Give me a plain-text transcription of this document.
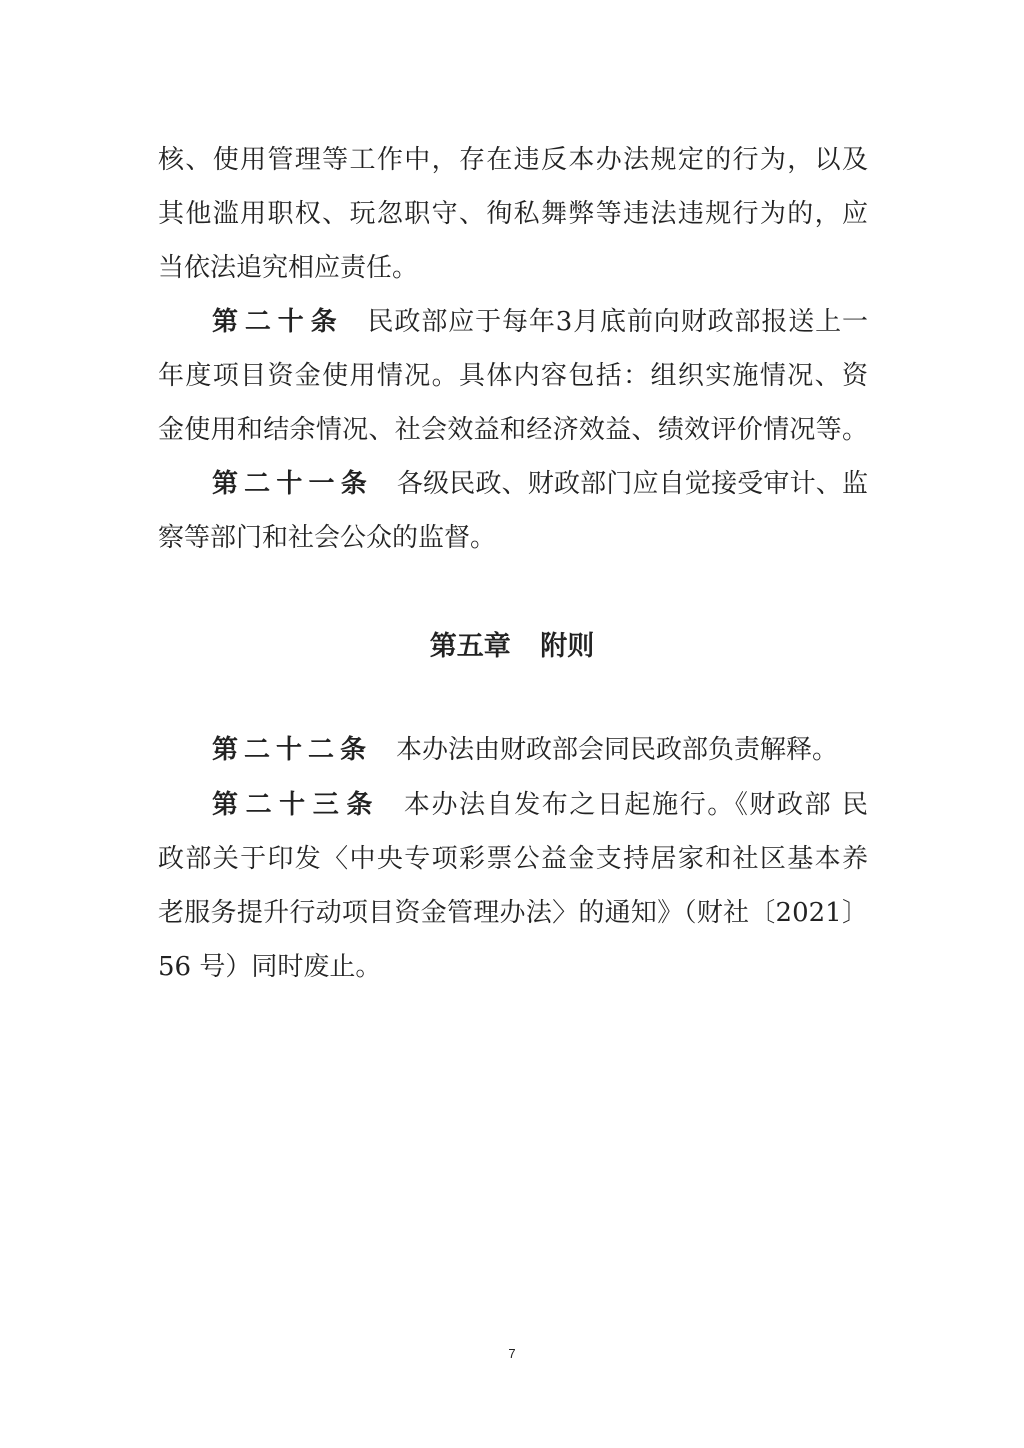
核、使用管理等工作中，存在违反本办法规定的行为，以及
其他滥用职权、玩忽职守、徇私舞弊等违法违规行为的，应
当依法追究相应责任。
第二十条 民政部应于每年3月底前向财政部报送上一
年度项目资金使用情况。具体内容包括：组织实施情况、资
金使用和结余情况、社会效益和经济效益、绩效评价情况等。
第二十一条 各级民政、财政部门应自觉接受审计、监
察等部门和社会公众的监督。
第五章 附则
第二十二条 本办法由财政部会同民政部负责解释。
第二十三条 本办法自发布之日起施行。《财政部 民
政部关于印发〈中央专项彩票公益金支持居家和社区基本养
老服务提升行动项目资金管理办法〉的通知》（财社〔2021〕
56 号）同时废止。
7
